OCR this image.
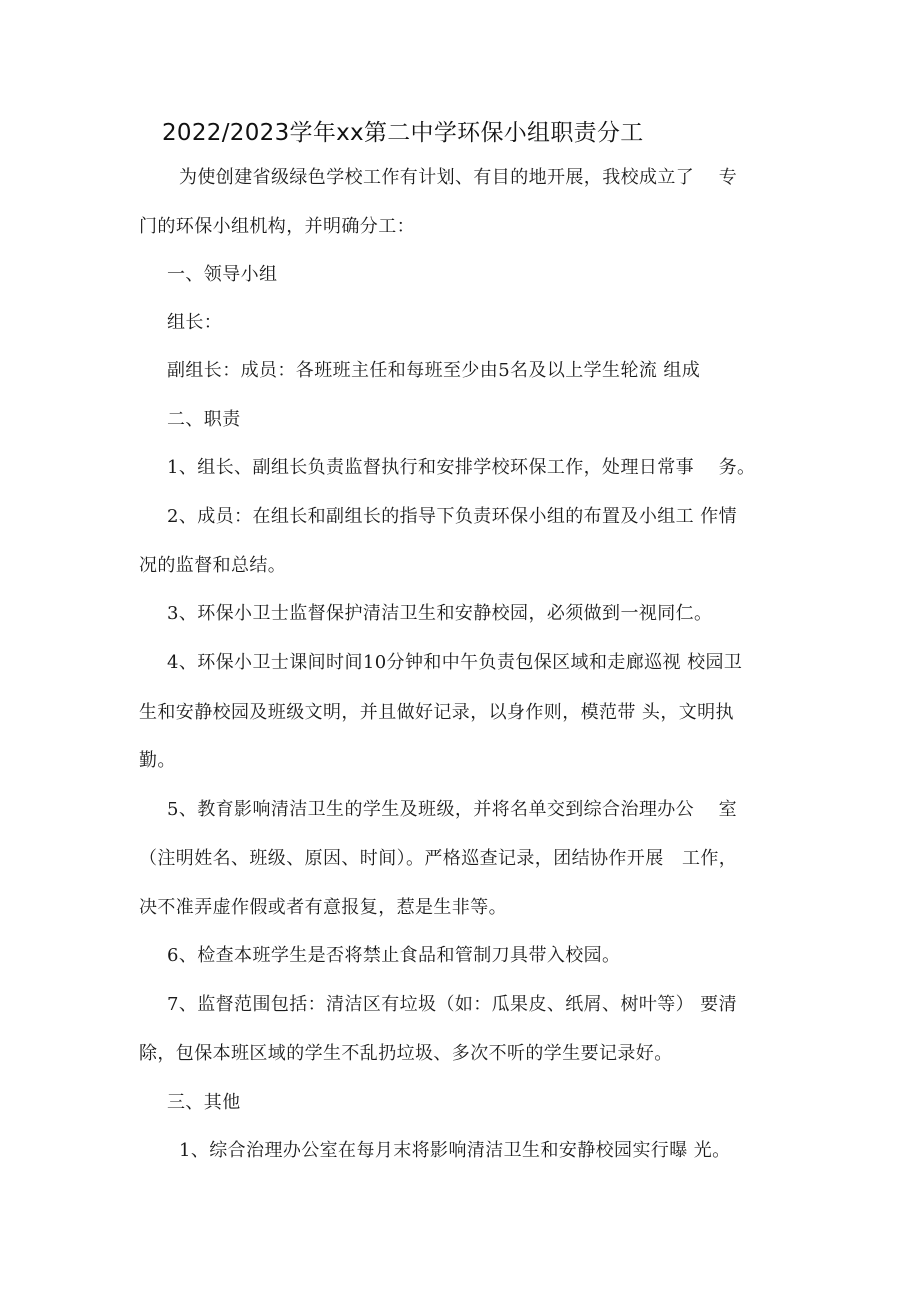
2022/2023学年xx第二中学环保小组职责分工
为使创建省级绿色学校工作有计划、有目的地开展，我校成立了　 专
门的环保小组机构，并明确分工：
一、领导小组
组长：
副组长：成员：各班班主任和每班至少由5名及以上学生轮流 组成
二、职责
1、组长、副组长负责监督执行和安排学校环保工作，处理日常事　 务。
2、成员：在组长和副组长的指导下负责环保小组的布置及小组工 作情
况的监督和总结。
3、环保小卫士监督保护清洁卫生和安静校园，必须做到一视同仁。
4、环保小卫士课间时间10分钟和中午负责包保区域和走廊巡视 校园卫
生和安静校园及班级文明，并且做好记录，以身作则，模范带 头，文明执
勤。
5、教育影响清洁卫生的学生及班级，并将名单交到综合治理办公　 室
（注明姓名、班级、原因、时间）。严格巡查记录，团结协作开展　工作，
决不准弄虚作假或者有意报复，惹是生非等。
6、检查本班学生是否将禁止食品和管制刀具带入校园。
7、监督范围包括：清洁区有垃圾（如：瓜果皮、纸屑、树叶等） 要清
除，包保本班区域的学生不乱扔垃圾、多次不听的学生要记录好。
三、其他
1、综合治理办公室在每月末将影响清洁卫生和安静校园实行曝 光。
